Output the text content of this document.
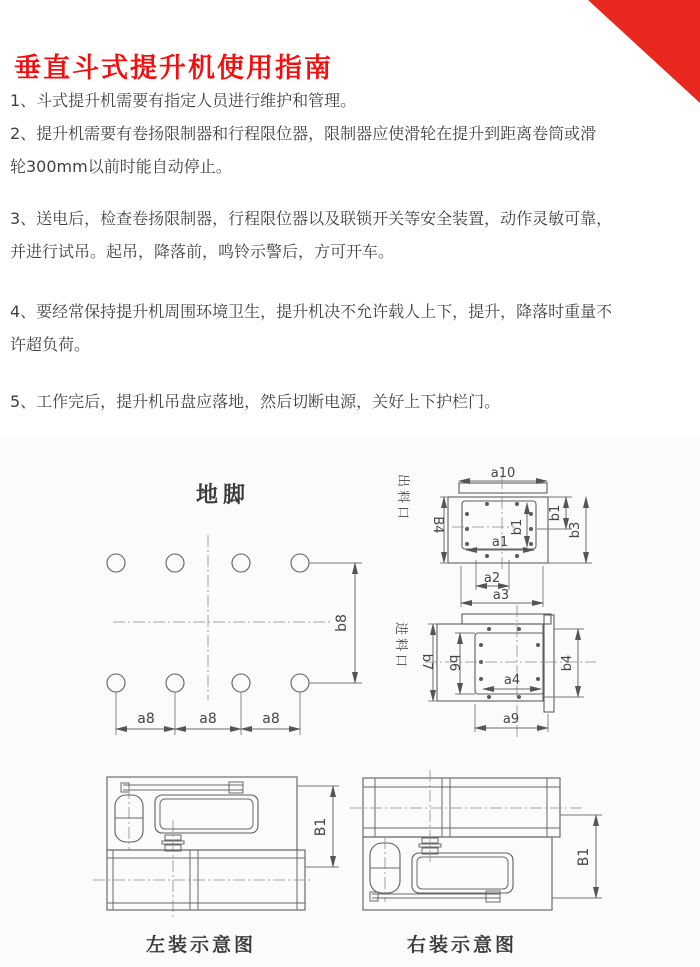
垂直斗式提升机使用指南
1、斗式提升机需要有指定人员进行维护和管理。
2、提升机需要有卷扬限制器和行程限位器，限制器应使滑轮在提升到距离卷筒或滑
轮300mm以前时能自动停止。
3、送电后，检查卷扬限制器，行程限位器以及联锁开关等安全装置，动作灵敏可靠，
并进行试吊。起吊，降落前，鸣铃示警后，方可开车。
4、要经常保持提升机周围环境卫生，提升机决不允许载人上下，提升，降落时重量不
许超负荷。
5、工作完后，提升机吊盘应落地，然后切断电源，关好上下护栏门。
地脚
b8
a8	a8	a8
出料口
a10
a1
b1
b1
b3
B4
a2
a3
进料口 b7 b6	b4
a4
a9
B1
左装示意图
B1
右装示意图
